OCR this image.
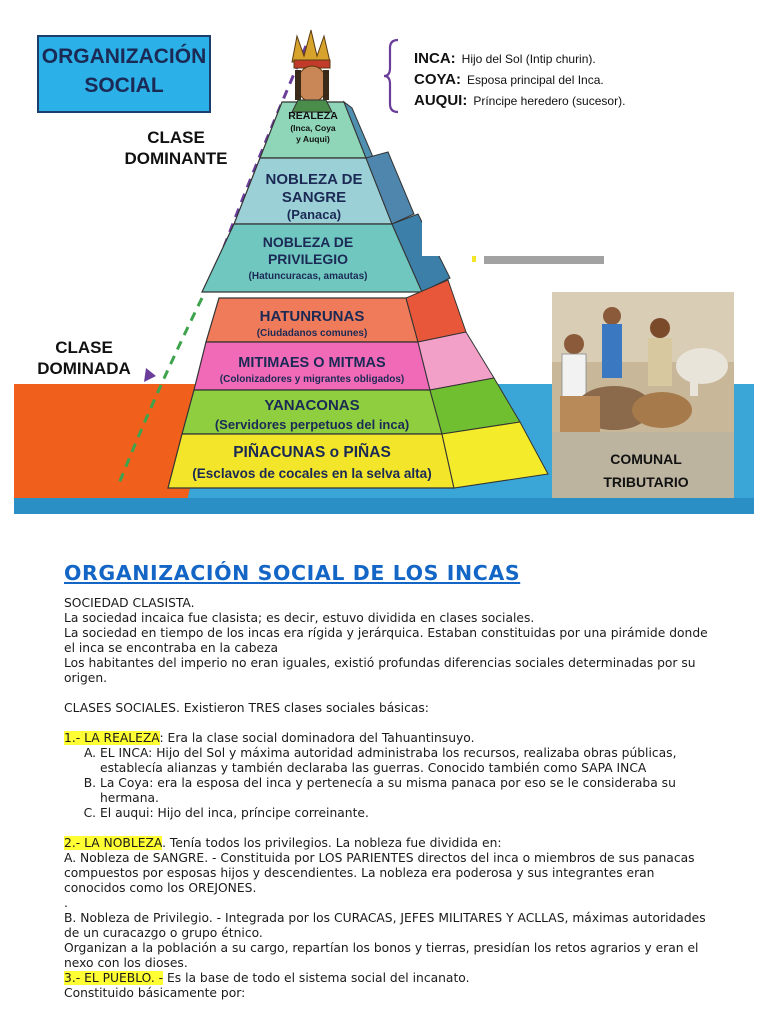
ORGANIZACIÓN
SOCIAL
CLASE
DOMINANTE
CLASE
DOMINADA
REALEZA
(Inca, Coya
y Auqui)
NOBLEZA DE
SANGRE
(Panaca)
NOBLEZA DE
PRIVILEGIO
(Hatuncuracas, amautas)
HATUNRUNAS
(Ciudadanos comunes)
MITIMAES O MITMAS
(Colonizadores y migrantes obligados)
YANACONAS
(Servidores perpetuos del inca)
PIÑACUNAS o PIÑAS
(Esclavos de cocales en la selva alta)
INCA: Hijo del Sol (Intip churin).
COYA: Esposa principal del Inca.
AUQUI: Príncipe heredero (sucesor).
COMUNAL
TRIBUTARIO
ORGANIZACIÓN SOCIAL DE LOS INCAS

SOCIEDAD CLASISTA.

La sociedad incaica fue clasista; es decir, estuvo dividida en clases sociales.

La sociedad en tiempo de los incas era rígida y jerárquica. Estaban constituidas por una pirámide donde el inca se encontraba en la cabeza

Los habitantes del imperio no eran iguales, existió profundas diferencias sociales determinadas por su origen.

CLASES SOCIALES. Existieron TRES clases sociales básicas:

1.- LA REALEZA: Era la clase social dominadora del Tahuantinsuyo.

A. EL INCA: Hijo del Sol y máxima autoridad administraba los recursos, realizaba obras públicas, establecía alianzas y también declaraba las guerras. Conocido también como SAPA INCA
B. La Coya: era la esposa del inca y pertenecía a su misma panaca por eso se le consideraba su hermana.
C. El auqui: Hijo del inca, príncipe correinante.

2.- LA NOBLEZA. Tenía todos los privilegios. La nobleza fue dividida en:

A. Nobleza de SANGRE. - Constituida por LOS PARIENTES directos del inca o miembros de sus panacas compuestos por esposas hijos y descendientes. La nobleza era poderosa y sus integrantes eran conocidos como los OREJONES.

.

B. Nobleza de Privilegio. - Integrada por los CURACAS, JEFES MILITARES Y ACLLAS, máximas autoridades de un curacazgo o grupo étnico.

Organizan a la población a su cargo, repartían los bonos y tierras, presidían los retos agrarios y eran el nexo con los dioses.

3.- EL PUEBLO. - Es la base de todo el sistema social del incanato.

Constituido básicamente por:
